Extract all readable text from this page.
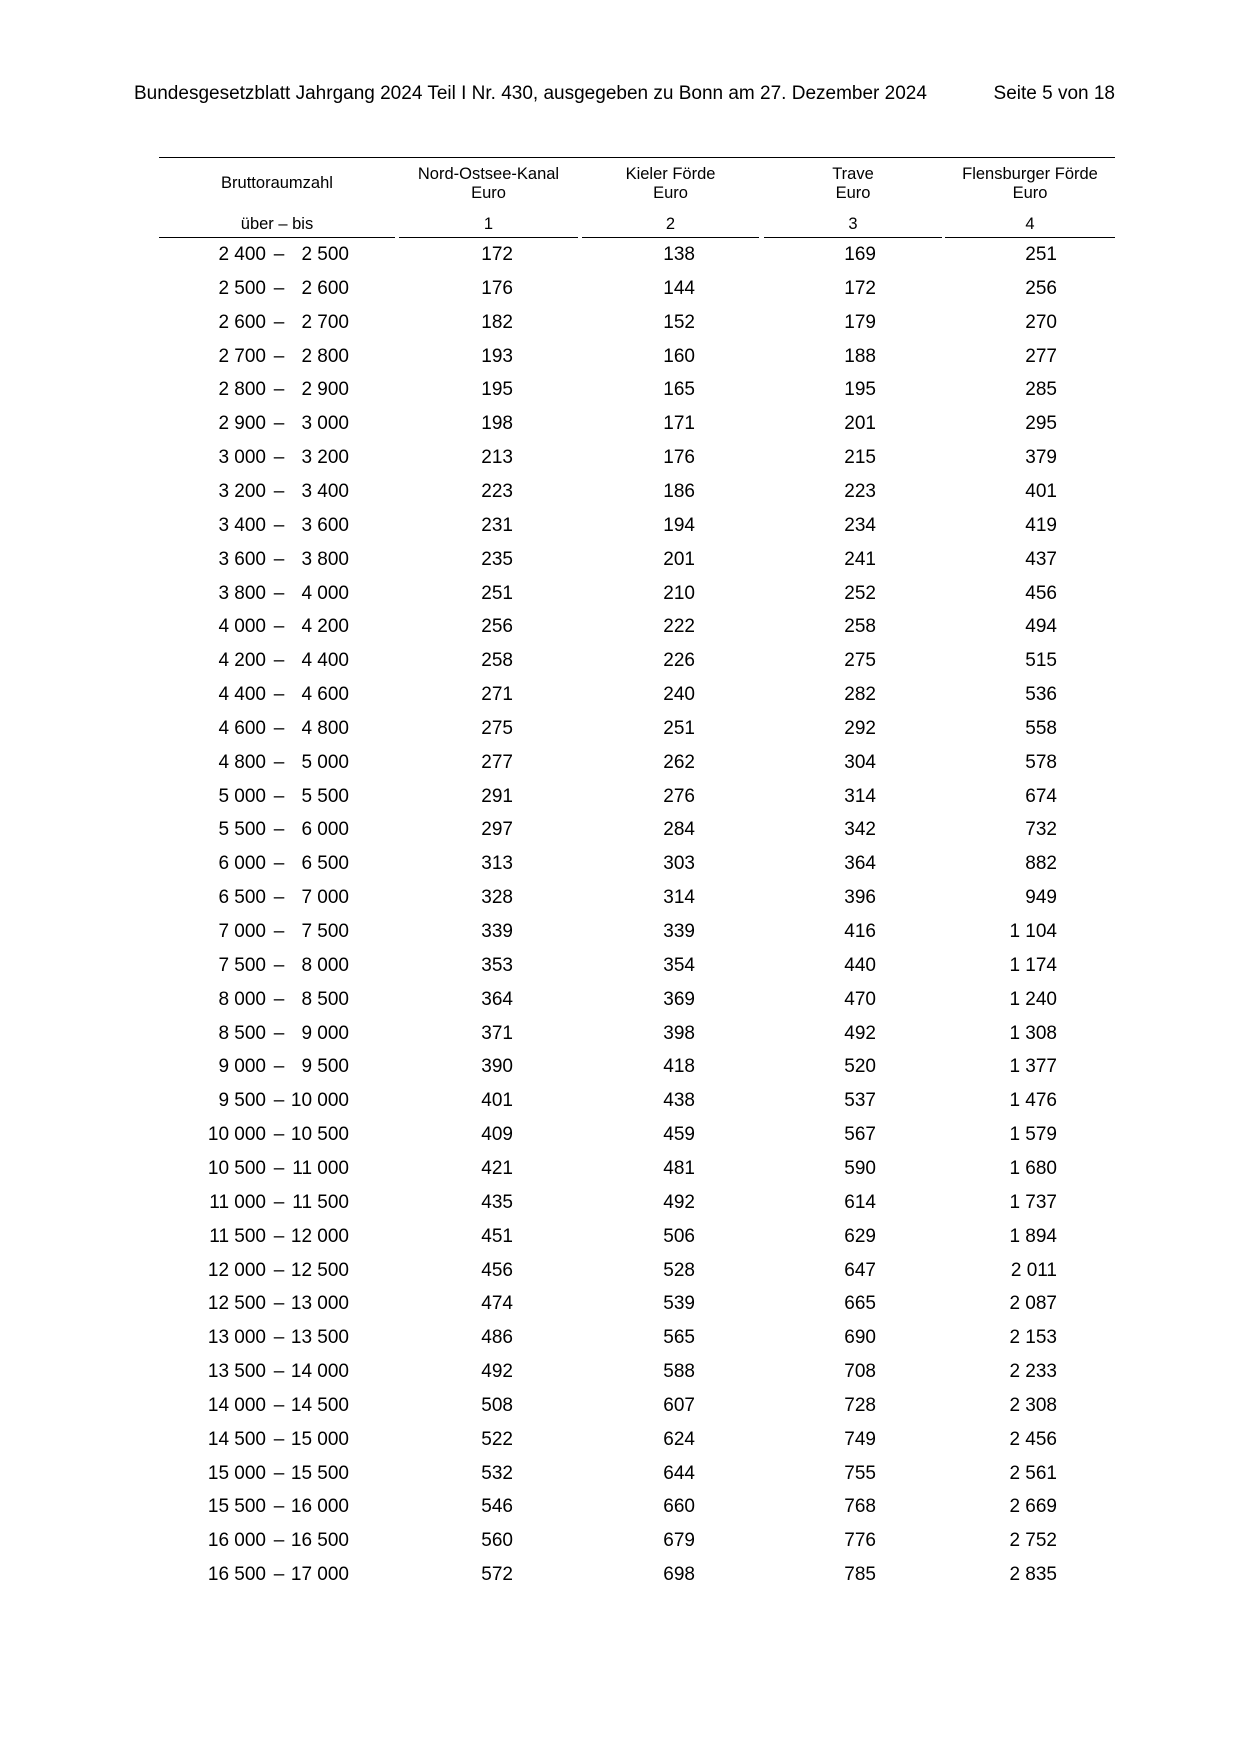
Bundesgesetzblatt Jahrgang 2024 Teil I Nr. 430, ausgegeben zu Bonn am 27. Dezember 2024	Seite 5 von 18
Bruttoraumzahl
über – bis
Nord-Ostsee-Kanal
Euro
Kieler Förde
Euro
Trave
Euro
Flensburger Förde
Euro
1	2	3	4
2 400 – 2 500	172	138	169	251
2 500 – 2 600	176	144	172	256
2 600 – 2 700	182	152	179	270
2 700 – 2 800	193	160	188	277
2 800 – 2 900	195	165	195	285
2 900 – 3 000	198	171	201	295
3 000 – 3 200	213	176	215	379
3 200 – 3 400	223	186	223	401
3 400 – 3 600	231	194	234	419
3 600 – 3 800	235	201	241	437
3 800 – 4 000	251	210	252	456
4 000 – 4 200	256	222	258	494
4 200 – 4 400	258	226	275	515
4 400 – 4 600	271	240	282	536
4 600 – 4 800	275	251	292	558
4 800 – 5 000	277	262	304	578
5 000 – 5 500	291	276	314	674
5 500 – 6 000	297	284	342	732
6 000 – 6 500	313	303	364	882
6 500 – 7 000	328	314	396	949
7 000 – 7 500	339	339	416	1 104
7 500 – 8 000	353	354	440	1 174
8 000 – 8 500	364	369	470	1 240
8 500 – 9 000	371	398	492	1 308
9 000 – 9 500	390	418	520	1 377
9 500 – 10 000	401	438	537	1 476
10 000 – 10 500	409	459	567	1 579
10 500 – 11 000	421	481	590	1 680
11 000 – 11 500	435	492	614	1 737
11 500 – 12 000	451	506	629	1 894
12 000 – 12 500	456	528	647	2 011
12 500 – 13 000	474	539	665	2 087
13 000 – 13 500	486	565	690	2 153
13 500 – 14 000	492	588	708	2 233
14 000 – 14 500	508	607	728	2 308
14 500 – 15 000	522	624	749	2 456
15 000 – 15 500	532	644	755	2 561
15 500 – 16 000	546	660	768	2 669
16 000 – 16 500	560	679	776	2 752
16 500 – 17 000	572	698	785	2 835
